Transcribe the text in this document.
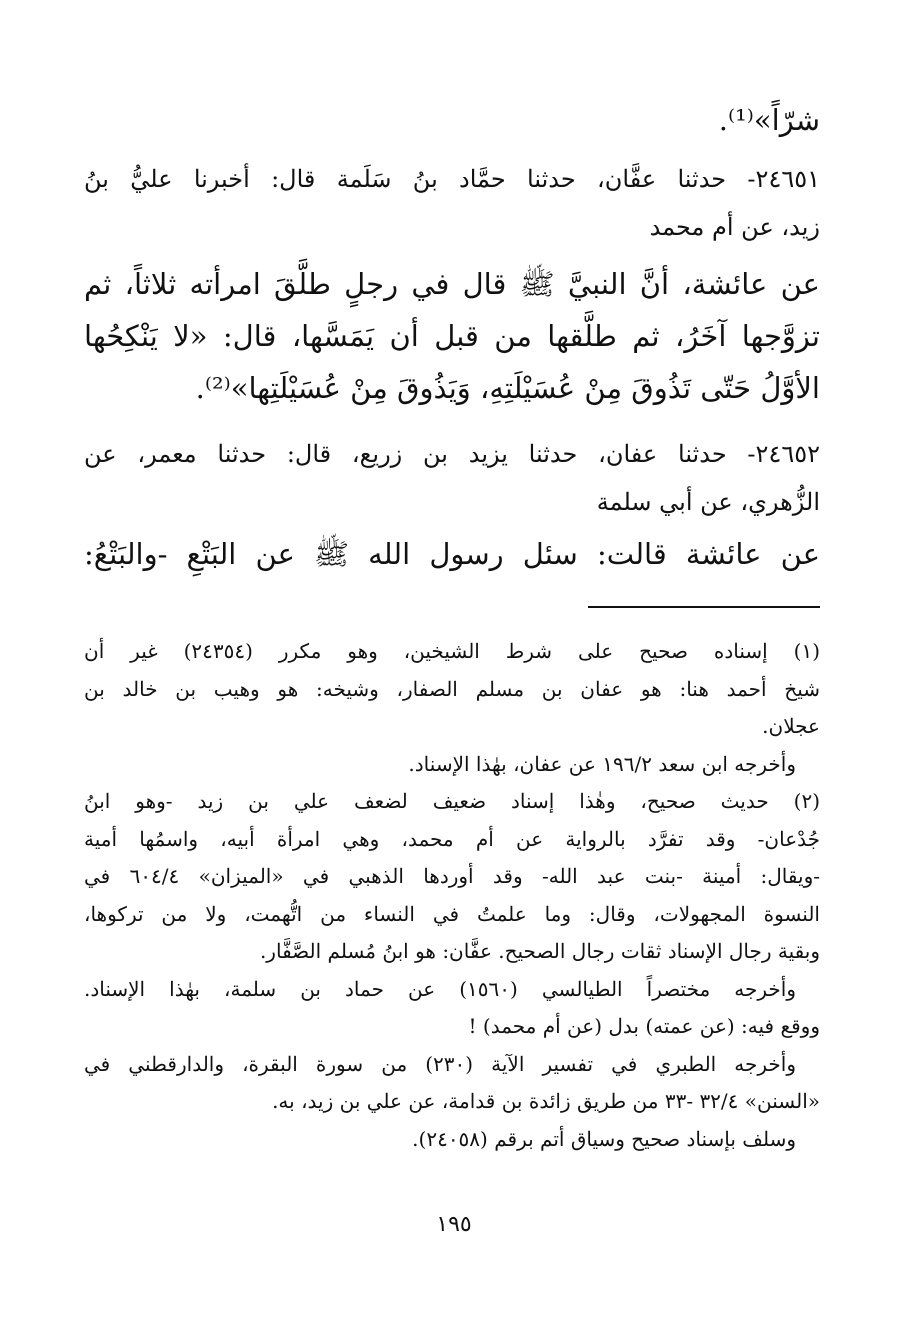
شرّاً»⁽¹⁾.
٢٤٦٥١- حدثنا عفَّان، حدثنا حمَّاد بنُ سَلَمة قال: أخبرنا عليُّ بنُ
زيد، عن أم محمد
عن عائشة، أنَّ النبيَّ ﷺ قال في رجلٍ طلَّقَ امرأته ثلاثاً، ثم
تزوَّجها آخَرُ، ثم طلَّقها من قبل أن يَمَسَّها، قال: «لا يَنْكِحُها
الأوَّلُ حَتّى تَذُوقَ مِنْ عُسَيْلَتِهِ، وَيَذُوقَ مِنْ عُسَيْلَتِها»⁽²⁾.
٢٤٦٥٢- حدثنا عفان، حدثنا يزيد بن زريع، قال: حدثنا معمر، عن
الزُّهري، عن أبي سلمة
عن عائشة قالت: سئل رسول الله ﷺ عن البَتْعِ -والبَتْعُ:
(١) إسناده صحيح على شرط الشيخين، وهو مكرر (٢٤٣٥٤) غير أن
شيخ أحمد هنا: هو عفان بن مسلم الصفار، وشيخه: هو وهيب بن خالد بن
عجلان.
وأخرجه ابن سعد ١٩٦/٢ عن عفان، بهٰذا الإسناد.
(٢) حديث صحيح، وهٰذا إسناد ضعيف لضعف علي بن زيد -وهو ابنُ
جُدْعان- وقد تفرَّد بالرواية عن أم محمد، وهي امرأة أبيه، واسمُها أمية
-ويقال: أمينة -بنت عبد الله- وقد أوردها الذهبي في «الميزان» ٦٠٤/٤ في
النسوة المجهولات، وقال: وما علمتُ في النساء من اتُّهمت، ولا من تركوها،
وبقية رجال الإسناد ثقات رجال الصحيح. عفَّان: هو ابنُ مُسلم الصَّفَّار.
وأخرجه مختصراً الطيالسي (١٥٦٠) عن حماد بن سلمة، بهٰذا الإسناد.
ووقع فيه: (عن عمته) بدل (عن أم محمد) !
وأخرجه الطبري في تفسير الآية (٢٣٠) من سورة البقرة، والدارقطني في
«السنن» ٣٢/٤ -٣٣ من طريق زائدة بن قدامة، عن علي بن زيد، به.
وسلف بإسناد صحيح وسياق أتم برقم (٢٤٠٥٨).
١٩٥
